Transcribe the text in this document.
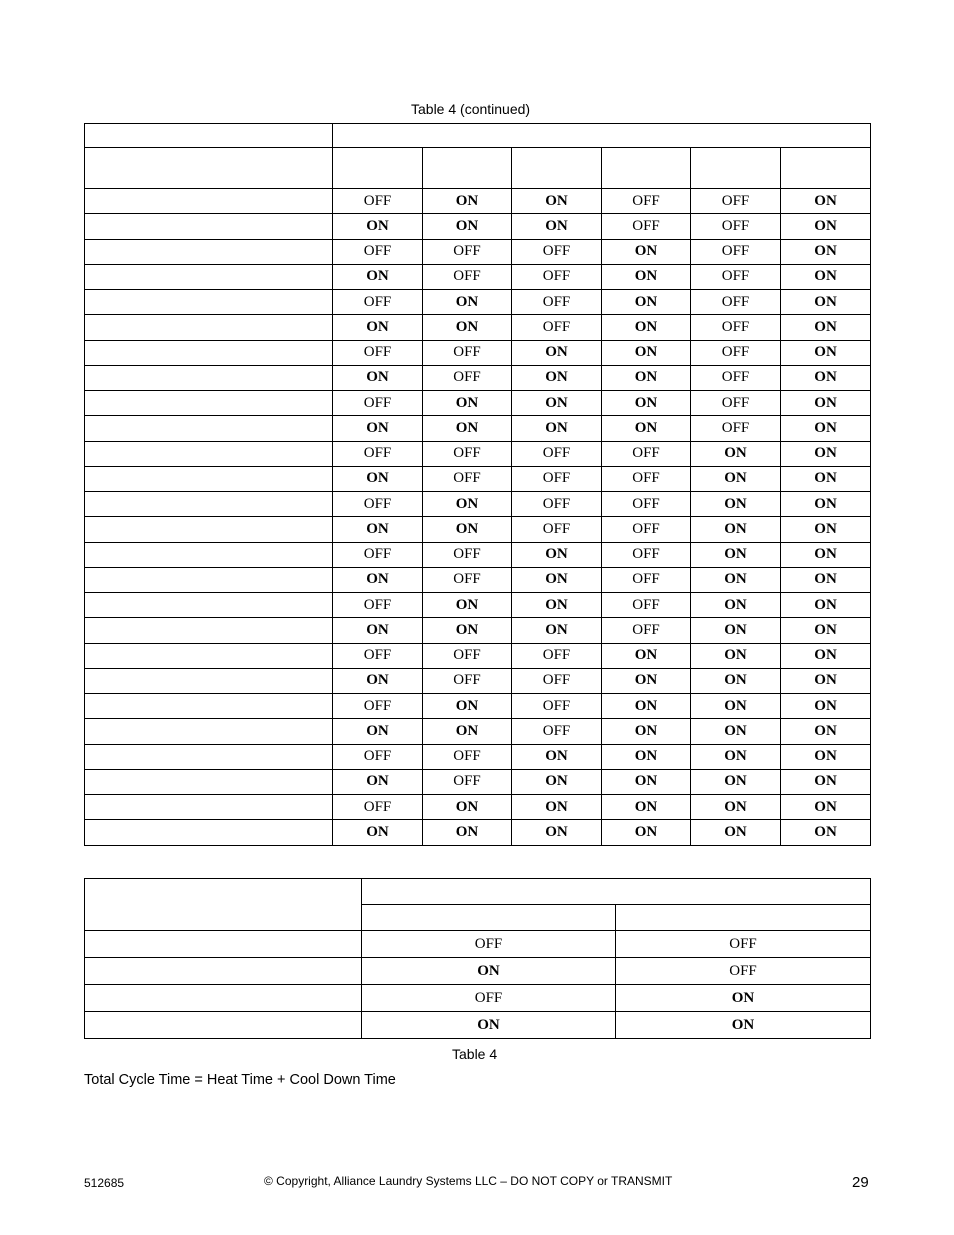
Table 4 (continued)

	OFF	ON	ON	OFF	OFF	ON
	ON	ON	ON	OFF	OFF	ON
	OFF	OFF	OFF	ON	OFF	ON
	ON	OFF	OFF	ON	OFF	ON
	OFF	ON	OFF	ON	OFF	ON
	ON	ON	OFF	ON	OFF	ON
	OFF	OFF	ON	ON	OFF	ON
	ON	OFF	ON	ON	OFF	ON
	OFF	ON	ON	ON	OFF	ON
	ON	ON	ON	ON	OFF	ON
	OFF	OFF	OFF	OFF	ON	ON
	ON	OFF	OFF	OFF	ON	ON
	OFF	ON	OFF	OFF	ON	ON
	ON	ON	OFF	OFF	ON	ON
	OFF	OFF	ON	OFF	ON	ON
	ON	OFF	ON	OFF	ON	ON
	OFF	ON	ON	OFF	ON	ON
	ON	ON	ON	OFF	ON	ON
	OFF	OFF	OFF	ON	ON	ON
	ON	OFF	OFF	ON	ON	ON
	OFF	ON	OFF	ON	ON	ON
	ON	ON	OFF	ON	ON	ON
	OFF	OFF	ON	ON	ON	ON
	ON	OFF	ON	ON	ON	ON
	OFF	ON	ON	ON	ON	ON
	ON	ON	ON	ON	ON	ON

	OFF	OFF
	ON	OFF
	OFF	ON
	ON	ON
Table 4
Total Cycle Time = Heat Time + Cool Down Time
512685	© Copyright, Alliance Laundry Systems LLC – DO NOT COPY or TRANSMIT	29
